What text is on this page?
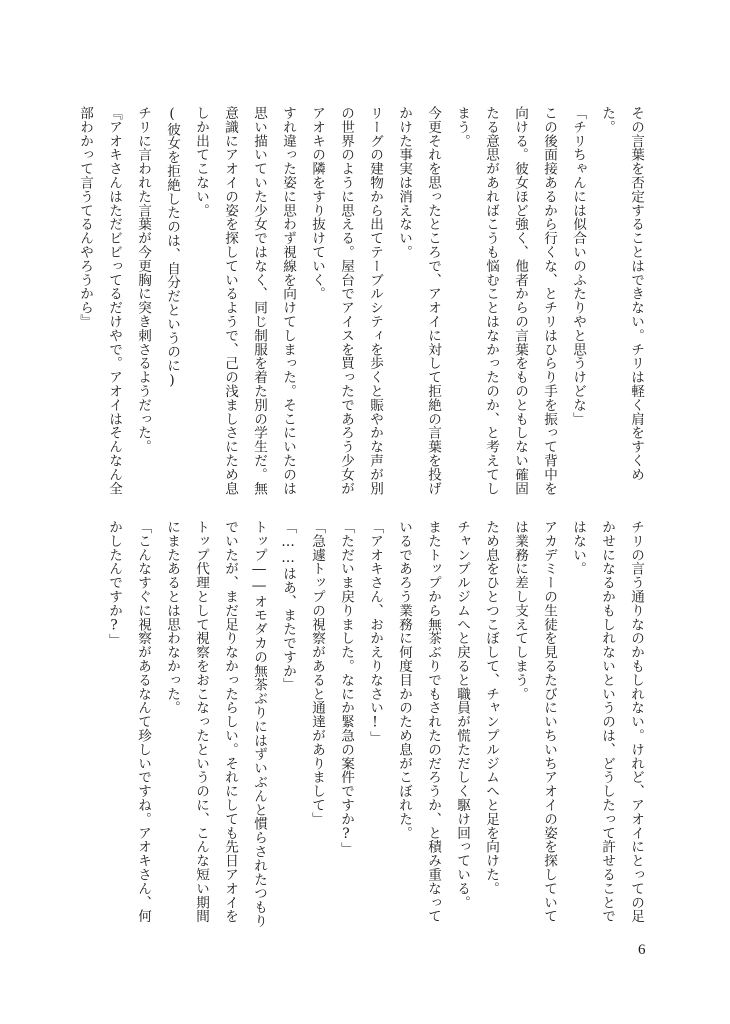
その言葉を否定することはできない。チリは軽く肩をすくめた。

「チリちゃんには似合いのふたりやと思うけどな」

この後面接あるから行くな、とチリはひらり手を振って背中を向ける。彼女ほど強く、他者からの言葉をものともしない確固たる意思があればこうも悩むことはなかったのか、と考えてしまう。

今更それを思ったところで、アオイに対して拒絶の言葉を投げかけた事実は消えない。

リーグの建物から出てテーブルシティを歩くと賑やかな声が別の世界のように思える。屋台でアイスを買ったであろう少女がアオキの隣をすり抜けていく。

すれ違った姿に思わず視線を向けてしまった。そこにいたのは思い描いていた少女ではなく、同じ制服を着た別の学生だ。無意識にアオイの姿を探しているようで、己の浅ましさにため息しか出てこない。

(彼女を拒絶したのは、自分だというのに)

チリに言われた言葉が今更胸に突き刺さるようだった。

『アオキさんはただビビってるだけやで。アオイはそんなん全部わかって言うてるんやろうから』

チリの言う通りなのかもしれない。けれど、アオイにとっての足かせになるかもしれないというのは、どうしたって許せることではない。

アカデミーの生徒を見るたびにいちいちアオイの姿を探していては業務に差し支えてしまう。

ため息をひとつこぼして、チャンプルジムへと足を向けた。

チャンプルジムへと戻ると職員が慌ただしく駆け回っている。

またトップから無茶ぶりでもされたのだろうか、と積み重なっているであろう業務に何度目かのため息がこぼれた。

「アオキさん、おかえりなさい!」

「ただいま戻りました。なにか緊急の案件ですか?」

「急遽トップの視察があると通達がありまして」

「……はあ、またですか」

トップ――オモダカの無茶ぶりにはずいぶんと慣らされたつもりでいたが、まだ足りなかったらしい。それにしても先日アオイをトップ代理として視察をおこなったというのに、こんな短い期間にまたあるとは思わなかった。

「こんなすぐに視察があるなんて珍しいですね。アオキさん、何かしたんですか?」

6
